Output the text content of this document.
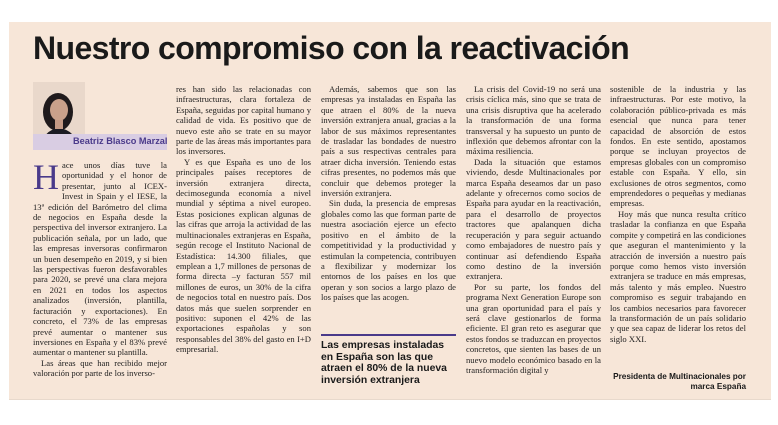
Nuestro compromiso con la reactivación
Beatriz Blasco Marzal

Hace unos días tuve la oportunidad y el honor de presentar, junto al ICEX-Invest in Spain y el IESE, la 13ª edición del Barómetro del clima de negocios en España desde la perspectiva del inversor extranjero. La publicación señala, por un lado, que las empresas inversoras confirmaron un buen desempeño en 2019, y si bien las perspectivas fueron desfavorables para 2020, se prevé una clara mejora en 2021 en todos los aspectos analizados (inversión, plantilla, facturación y exportaciones). En concreto, el 73% de las empresas prevé aumentar o mantener sus inversiones en España y el 83% prevé aumentar o mantener su plantilla.

Las áreas que han recibido mejor valoración por parte de los inverso-

res han sido las relacionadas con infraestructuras, clara fortaleza de España, seguidas por capital humano y calidad de vida. Es positivo que de nuevo este año se trate en su mayor parte de las áreas más importantes para los inversores.

Y es que España es uno de los principales países receptores de inversión extranjera directa, decimosegunda economía a nivel mundial y séptima a nivel europeo. Estas posiciones explican algunas de las cifras que arroja la actividad de las multinacionales extranjeras en España, según recoge el Instituto Nacional de Estadística: 14.300 filiales, que emplean a 1,7 millones de personas de forma directa –y facturan 557 mil millones de euros, un 30% de la cifra de negocios total en nuestro país. Dos datos más que suelen sorprender en positivo: suponen el 42% de las exportaciones españolas y son responsables del 38% del gasto en I+D empresarial.

Además, sabemos que son las empresas ya instaladas en España las que atraen el 80% de la nueva inversión extranjera anual, gracias a la labor de sus máximos representantes de trasladar las bondades de nuestro país a sus respectivas centrales para atraer dicha inversión. Teniendo estas cifras presentes, no podemos más que concluir que debemos proteger la inversión extranjera.

Sin duda, la presencia de empresas globales como las que forman parte de nuestra asociación ejerce un efecto positivo en el ámbito de la competitividad y la productividad y estimulan la competencia, contribuyen a flexibilizar y modernizar los entornos de los países en los que operan y son socios a largo plazo de los países que las acogen.

Las empresas instaladas en España son las que atraen el 80% de la nueva inversión extranjera

La crisis del Covid-19 no será una crisis cíclica más, sino que se trata de una crisis disruptiva que ha acelerado la transformación de una forma transversal y ha supuesto un punto de inflexión que debemos afrontar con la máxima resiliencia.

Dada la situación que estamos viviendo, desde Multinacionales por marca España deseamos dar un paso adelante y ofrecernos como socios de España para ayudar en la reactivación, para el desarrollo de proyectos tractores que apalanquen dicha recuperación y para seguir actuando como embajadores de nuestro país y continuar así defendiendo España como destino de la inversión extranjera.

Por su parte, los fondos del programa Next Generation Europe son una gran oportunidad para el país y será clave gestionarlos de forma eficiente. El gran reto es asegurar que estos fondos se traduzcan en proyectos concretos, que sienten las bases de un nuevo modelo económico basado en la transformación digital y

sostenible de la industria y las infraestructuras. Por este motivo, la colaboración público-privada es más esencial que nunca para tener capacidad de absorción de estos fondos. En este sentido, apostamos porque se incluyan proyectos de empresas globales con un compromiso estable con España. Y ello, sin exclusiones de otros segmentos, como emprendedores o pequeñas y medianas empresas.

Hoy más que nunca resulta crítico trasladar la confianza en que España compite y competirá en las condiciones que aseguran el mantenimiento y la atracción de inversión a nuestro país porque como hemos visto inversión extranjera se traduce en más empresas, más talento y más empleo. Nuestro compromiso es seguir trabajando en los cambios necesarios para favorecer la transformación de un país solidario y que sea capaz de liderar los retos del siglo XXI.

Presidenta de Multinacionales por marca España
